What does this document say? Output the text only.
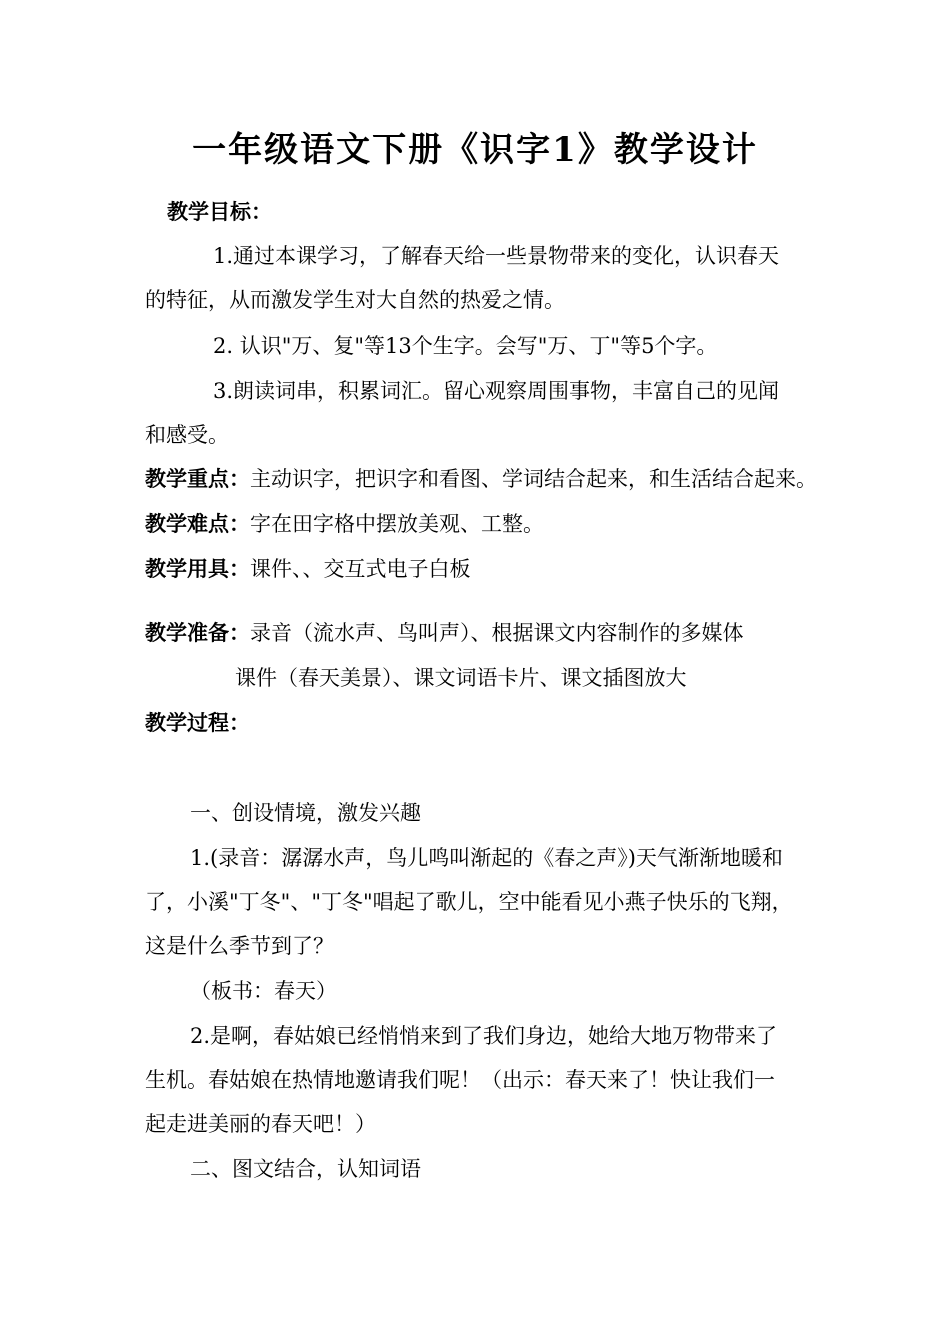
一年级语文下册《识字1》教学设计
教学目标：
1.通过本课学习，了解春天给一些景物带来的变化，认识春天
的特征，从而激发学生对大自然的热爱之情。
2. 认识"万、复"等13个生字。会写"万、丁"等5个字。
3.朗读词串，积累词汇。留心观察周围事物，丰富自己的见闻
和感受。
教学重点：主动识字，把识字和看图、学词结合起来，和生活结合起来。
教学难点：字在田字格中摆放美观、工整。
教学用具：课件、、交互式电子白板
教学准备：录音（流水声、鸟叫声）、根据课文内容制作的多媒体
课件（春天美景）、课文词语卡片、课文插图放大
教学过程：
一、创设情境，激发兴趣
1.(录音：潺潺水声，鸟儿鸣叫渐起的《春之声》)天气渐渐地暖和
了，小溪"丁冬"、"丁冬"唱起了歌儿，空中能看见小燕子快乐的飞翔，
这是什么季节到了？
（板书：春天）
2.是啊，春姑娘已经悄悄来到了我们身边，她给大地万物带来了
生机。春姑娘在热情地邀请我们呢！（出示：春天来了！快让我们一
起走进美丽的春天吧！）
二、图文结合，认知词语
